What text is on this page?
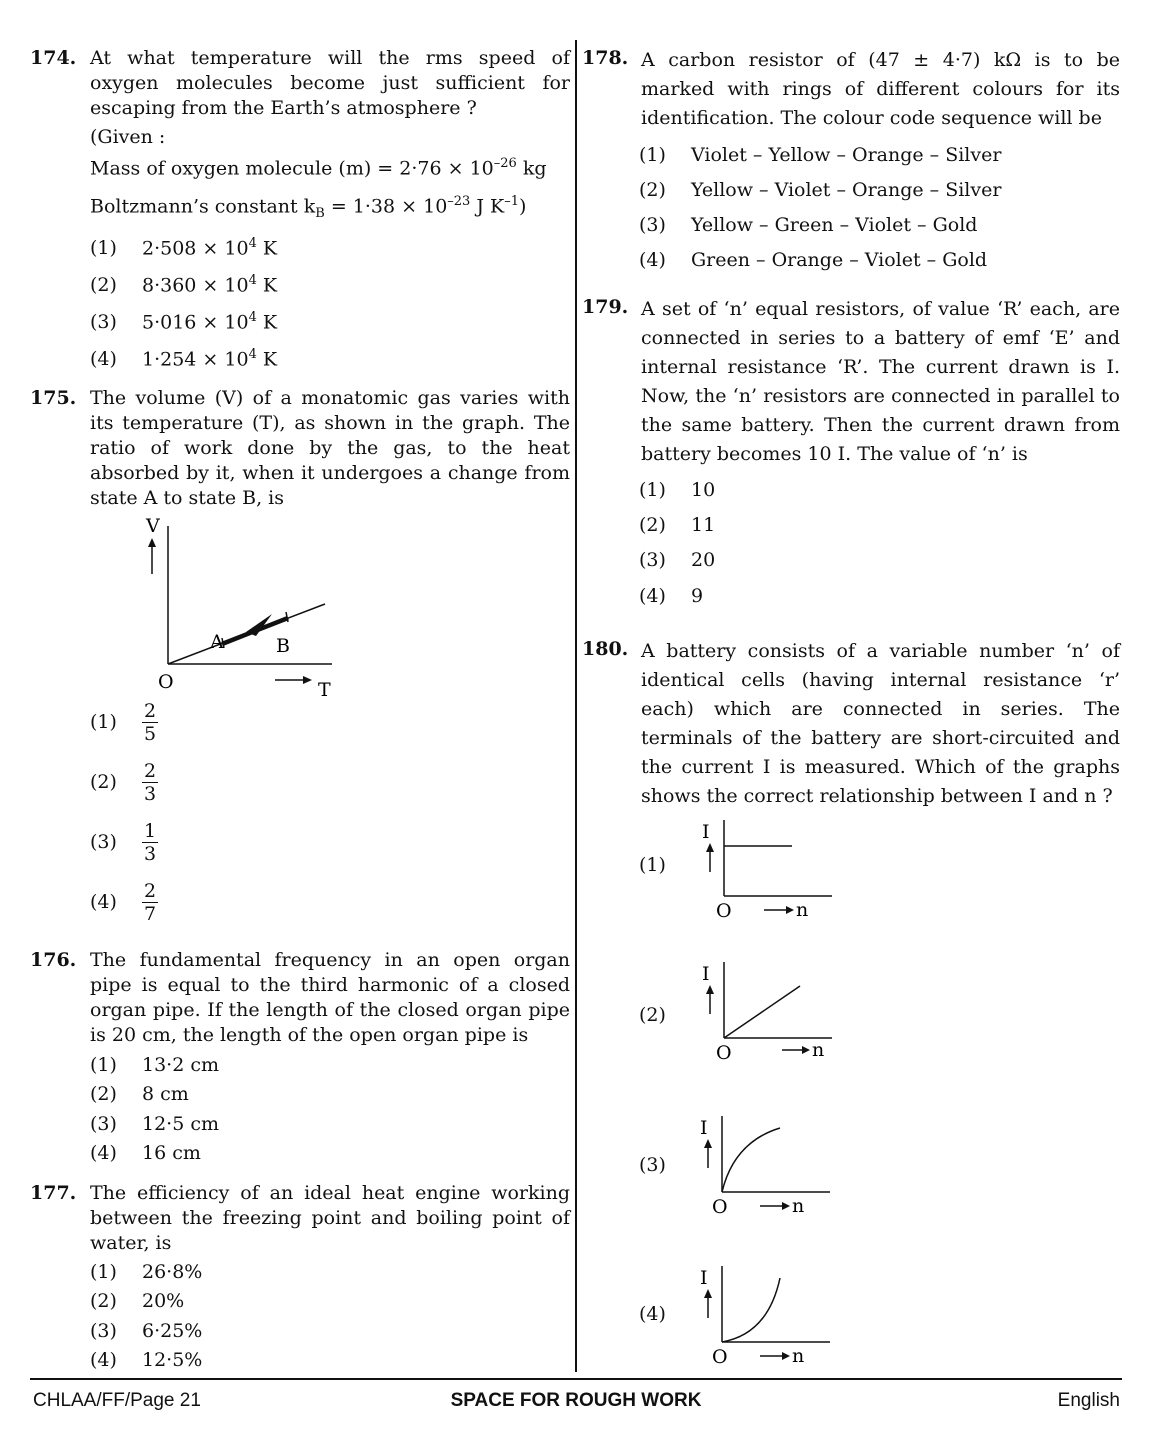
174. At what temperature will the rms speed of oxygen molecules become just sufficient for escaping from the Earth’s atmosphere ?
(Given :
Mass of oxygen molecule $(m) = 2\cdot 76 \times 10^{-26}$ kg
Boltzmann’s constant $k_B = 1\cdot 38 \times 10^{-23}$ J $K^{-1}$)
(1) $2\cdot 508 \times 10^4$ K
(2) $8\cdot 360 \times 10^4$ K
(3) $5\cdot 016 \times 10^4$ K
(4) $1\cdot 254 \times 10^4$ K
175. The volume (V) of a monatomic gas varies with its temperature (T), as shown in the graph. The ratio of work done by the gas, to the heat absorbed by it, when it undergoes a change from state A to state B, is
V
A	B
O	T
$(1) \frac{2}{5}$
$(2) \frac{2}{3}$
$(3) \frac{1}{3}$
$(4) \frac{2}{7}$
176. The fundamental frequency in an open organ pipe is equal to the third harmonic of a closed organ pipe. If the length of the closed organ pipe is 20 cm, the length of the open organ pipe is
(1) 13·2 cm
(2) 8 cm
(3) 12·5 cm
(4) 16 cm
177. The efficiency of an ideal heat engine working between the freezing point and boiling point of water, is
(1) 26·8%
(2) 20%
(3) 6·25%
(4) 12·5%
178. A carbon resistor of (47 ± 4·7) kΩ is to be marked with rings of different colours for its identification. The colour code sequence will be
(1) Violet – Yellow – Orange – Silver
(2) Yellow – Violet – Orange – Silver
(3) Yellow – Green – Violet – Gold
(4) Green – Orange – Violet – Gold
179. A set of ‘n’ equal resistors, of value ‘R’ each, are connected in series to a battery of emf ‘E’ and internal resistance ‘R’. The current drawn is I. Now, the ‘n’ resistors are connected in parallel to the same battery. Then the current drawn from battery becomes 10 I. The value of ‘n’ is
(1) 10
(2) 11
(3) 20
(4) 9
180. A battery consists of a variable number ‘n’ of identical cells (having internal resistance ‘r’ each) which are connected in series. The terminals of the battery are short-circuited and the current I is measured. Which of the graphs shows the correct relationship between I and n ?
(1)
I
O	n
(2)
I
O	n
(3)
I
O	n
(4)
I
O	n
SPACE FOR ROUGH WORK
CHLAA/FF/Page 21	English
